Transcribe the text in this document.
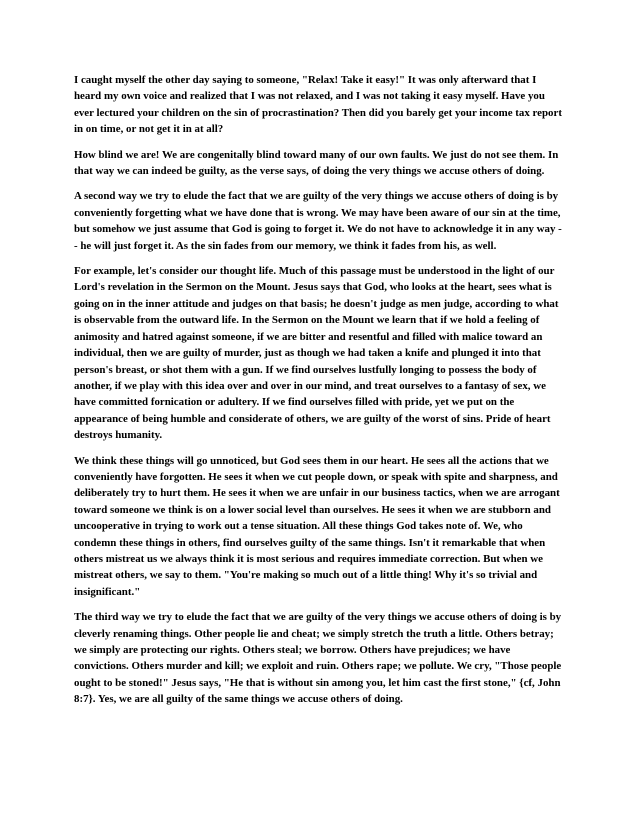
I caught myself the other day saying to someone, "Relax! Take it easy!" It was only afterward that I heard my own voice and realized that I was not relaxed, and I was not taking it easy myself. Have you ever lectured your children on the sin of procrastination? Then did you barely get your income tax report in on time, or not get it in at all?

How blind we are! We are congenitally blind toward many of our own faults. We just do not see them. In that way we can indeed be guilty, as the verse says, of doing the very things we accuse others of doing.

A second way we try to elude the fact that we are guilty of the very things we accuse others of doing is by conveniently forgetting what we have done that is wrong. We may have been aware of our sin at the time, but somehow we just assume that God is going to forget it. We do not have to acknowledge it in any way -- he will just forget it. As the sin fades from our memory, we think it fades from his, as well.

For example, let's consider our thought life. Much of this passage must be understood in the light of our Lord's revelation in the Sermon on the Mount. Jesus says that God, who looks at the heart, sees what is going on in the inner attitude and judges on that basis; he doesn't judge as men judge, according to what is observable from the outward life. In the Sermon on the Mount we learn that if we hold a feeling of animosity and hatred against someone, if we are bitter and resentful and filled with malice toward an individual, then we are guilty of murder, just as though we had taken a knife and plunged it into that person's breast, or shot them with a gun. If we find ourselves lustfully longing to possess the body of another, if we play with this idea over and over in our mind, and treat ourselves to a fantasy of sex, we have committed fornication or adultery. If we find ourselves filled with pride, yet we put on the appearance of being humble and considerate of others, we are guilty of the worst of sins. Pride of heart destroys humanity.

We think these things will go unnoticed, but God sees them in our heart. He sees all the actions that we conveniently have forgotten. He sees it when we cut people down, or speak with spite and sharpness, and deliberately try to hurt them. He sees it when we are unfair in our business tactics, when we are arrogant toward someone we think is on a lower social level than ourselves. He sees it when we are stubborn and uncooperative in trying to work out a tense situation. All these things God takes note of. We, who condemn these things in others, find ourselves guilty of the same things. Isn't it remarkable that when others mistreat us we always think it is most serious and requires immediate correction. But when we mistreat others, we say to them. "You're making so much out of a little thing! Why it's so trivial and insignificant."

The third way we try to elude the fact that we are guilty of the very things we accuse others of doing is by cleverly renaming things. Other people lie and cheat; we simply stretch the truth a little. Others betray; we simply are protecting our rights. Others steal; we borrow. Others have prejudices; we have convictions. Others murder and kill; we exploit and ruin. Others rape; we pollute. We cry, "Those people ought to be stoned!" Jesus says, "He that is without sin among you, let him cast the first stone," {cf, John 8:7}. Yes, we are all guilty of the same things we accuse others of doing.
